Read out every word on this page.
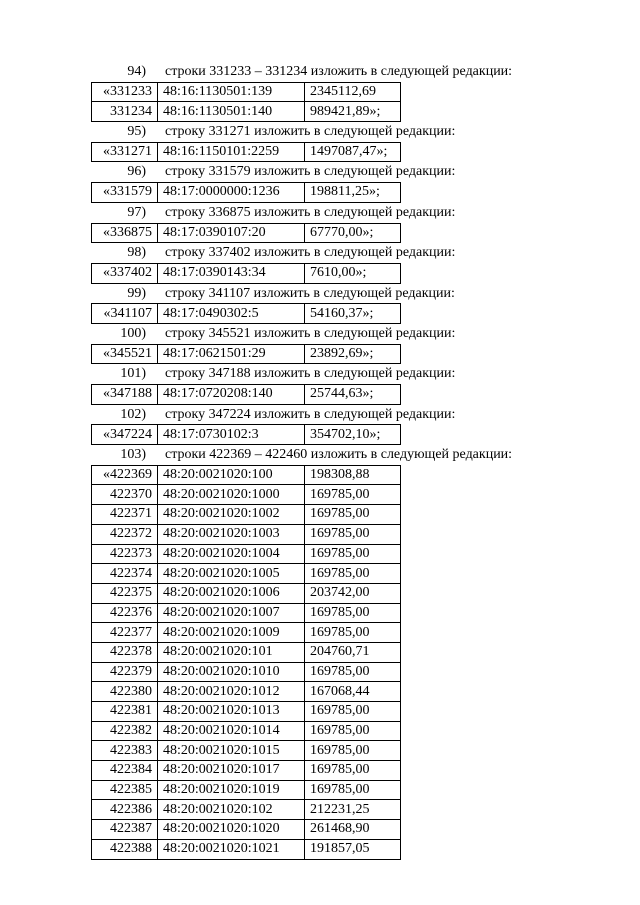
94) строки 331233 – 331234 изложить в следующей редакции:
«331233	48:16:1130501:139	2345112,69
331234	48:16:1130501:140	989421,89»;
95) строку 331271 изложить в следующей редакции:
«331271	48:16:1150101:2259	1497087,47»;
96) строку 331579 изложить в следующей редакции:
«331579	48:17:0000000:1236	198811,25»;
97) строку 336875 изложить в следующей редакции:
«336875	48:17:0390107:20	67770,00»;
98) строку 337402 изложить в следующей редакции:
«337402	48:17:0390143:34	7610,00»;
99) строку 341107 изложить в следующей редакции:
«341107	48:17:0490302:5	54160,37»;
100) строку 345521 изложить в следующей редакции:
«345521	48:17:0621501:29	23892,69»;
101) строку 347188 изложить в следующей редакции:
«347188	48:17:0720208:140	25744,63»;
102) строку 347224 изложить в следующей редакции:
«347224	48:17:0730102:3	354702,10»;
103) строки 422369 – 422460 изложить в следующей редакции:
«422369	48:20:0021020:100	198308,88
422370	48:20:0021020:1000	169785,00
422371	48:20:0021020:1002	169785,00
422372	48:20:0021020:1003	169785,00
422373	48:20:0021020:1004	169785,00
422374	48:20:0021020:1005	169785,00
422375	48:20:0021020:1006	203742,00
422376	48:20:0021020:1007	169785,00
422377	48:20:0021020:1009	169785,00
422378	48:20:0021020:101	204760,71
422379	48:20:0021020:1010	169785,00
422380	48:20:0021020:1012	167068,44
422381	48:20:0021020:1013	169785,00
422382	48:20:0021020:1014	169785,00
422383	48:20:0021020:1015	169785,00
422384	48:20:0021020:1017	169785,00
422385	48:20:0021020:1019	169785,00
422386	48:20:0021020:102	212231,25
422387	48:20:0021020:1020	261468,90
422388	48:20:0021020:1021	191857,05
